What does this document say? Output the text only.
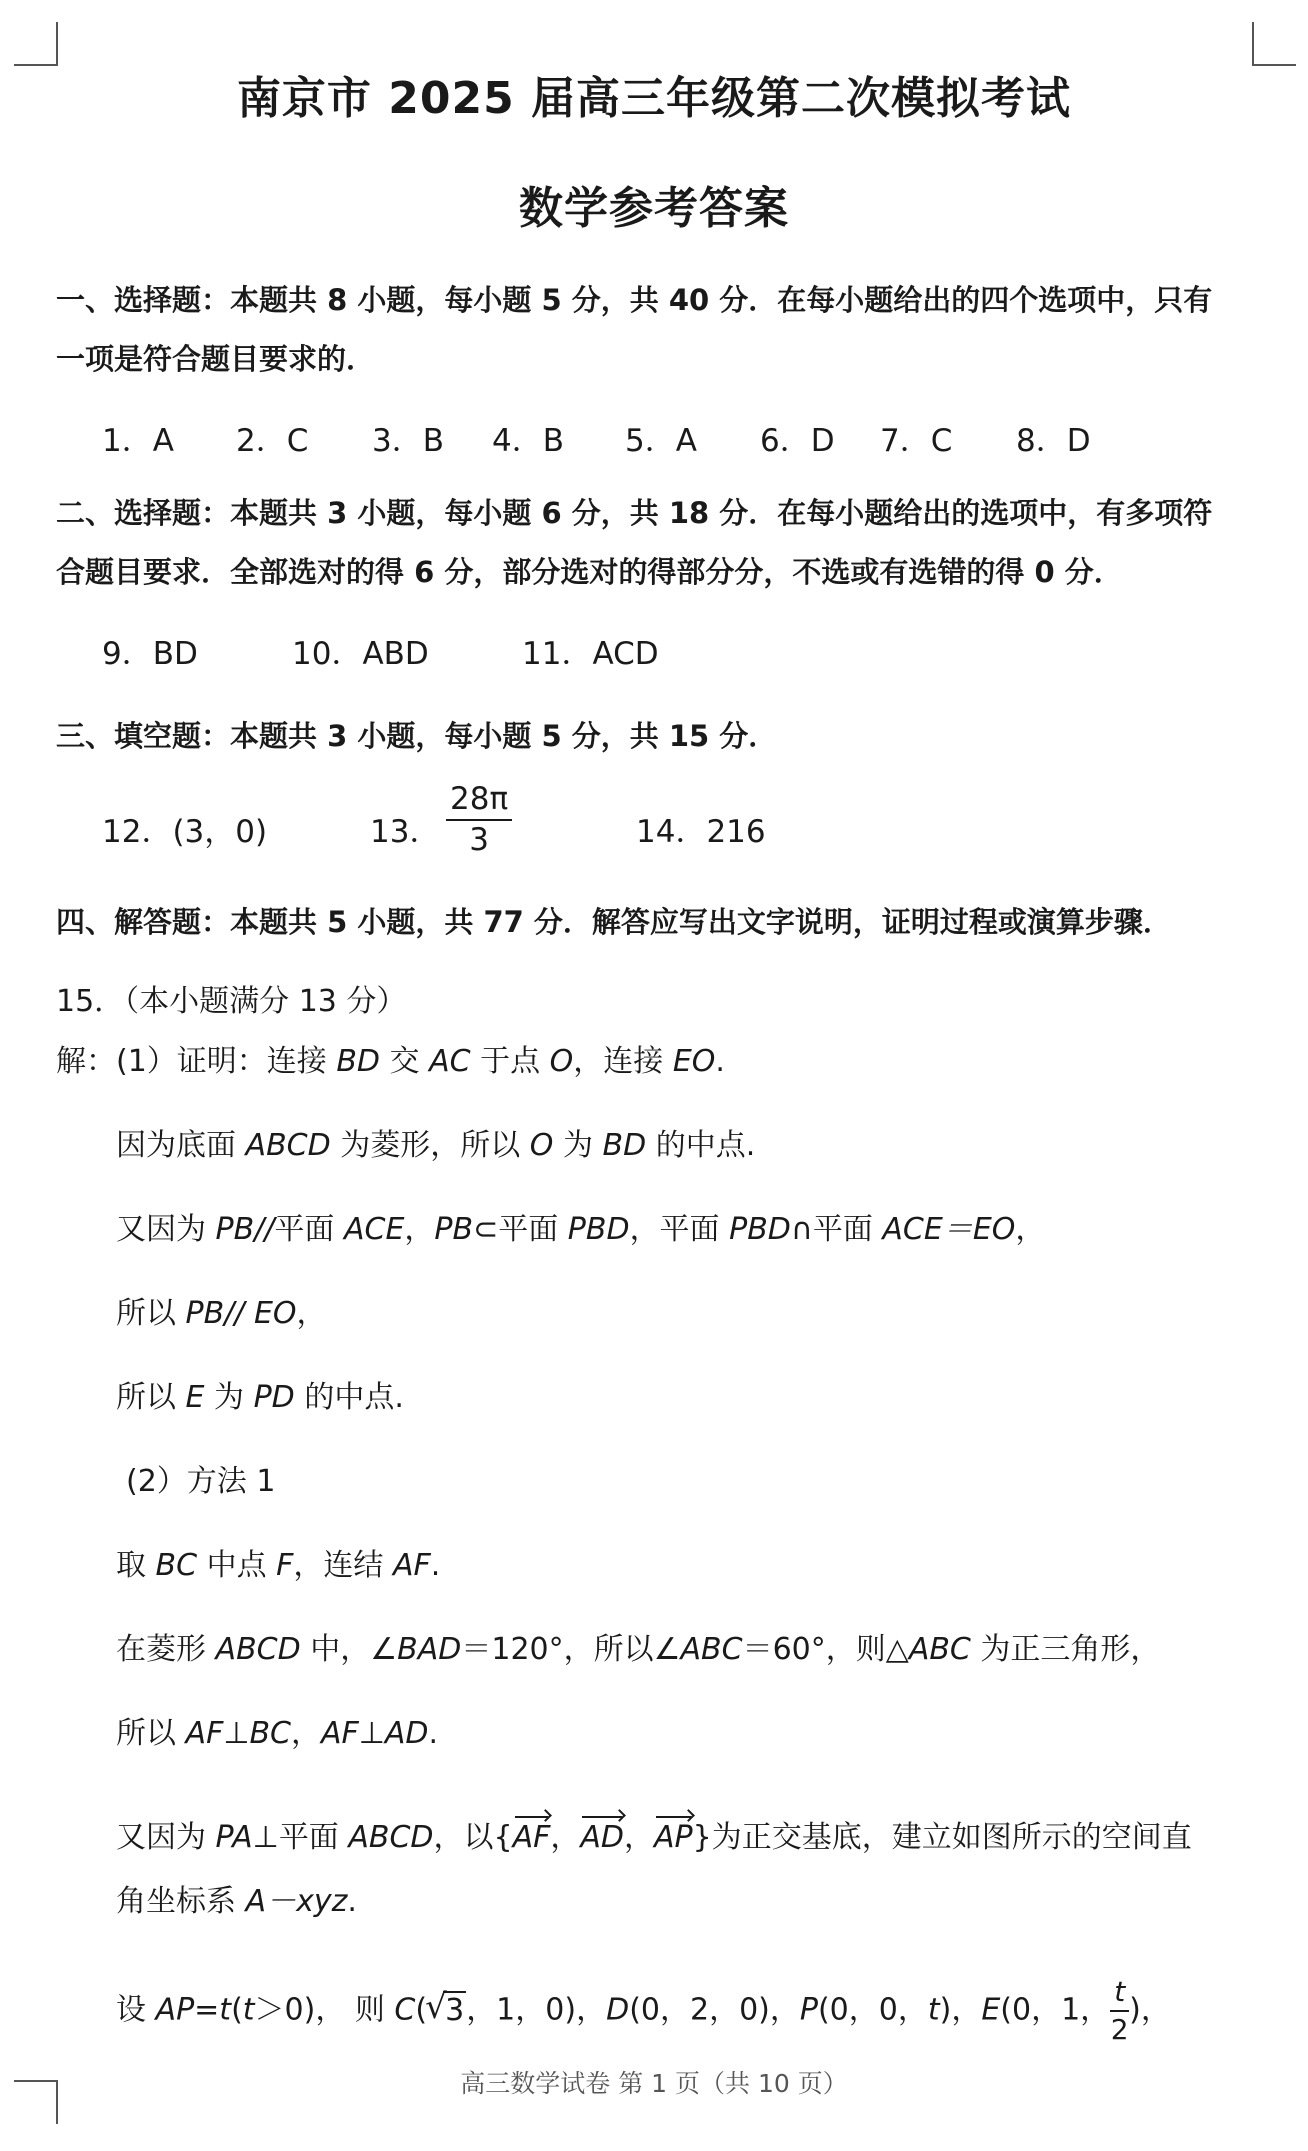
南京市 2025 届高三年级第二次模拟考试
数学参考答案
一、选择题：本题共 8 小题，每小题 5 分，共 40 分．在每小题给出的四个选项中，只有
一项是符合题目要求的．
1．A 2．C 3．B 4．B 5．A 6．D 7．C 8．D
二、选择题：本题共 3 小题，每小题 6 分，共 18 分．在每小题给出的选项中，有多项符
合题目要求．全部选对的得 6 分，部分选对的得部分分，不选或有选错的得 0 分．
9．BD	10．ABD	11．ACD
三、填空题：本题共 3 小题，每小题 5 分，共 15 分．
12．(3，0)	13． $\frac{28\pi}{3}$	14．216
四、解答题：本题共 5 小题，共 77 分．解答应写出文字说明，证明过程或演算步骤．
15．（本小题满分 13 分）
解：(1）证明：连接 BD 交 AC 于点 O，连接 EO.
因为底面 ABCD 为菱形，所以 O 为 BD 的中点.
又因为 PB//平面 ACE，PB⊂平面 PBD，平面 PBD∩平面 ACE＝EO，
所以 PB// EO，
所以 E 为 PD 的中点.
(2）方法 1
取 BC 中点 F，连结 AF.
在菱形 ABCD 中，∠BAD＝120°，所以∠ABC＝60°，则△ABC 为正三角形，
所以 AF⊥BC，AF⊥AD.
又因为 PA⊥平面 ABCD，以{AF，AD，AP}为正交基底，建立如图所示的空间直
角坐标系 A－xyz.
设 AP=t(t＞0)， 则 C(√ 3，1，0)，D(0，2，0)，P(0，0，t)，E(0，1， $\frac{t}{2}$ )，
高三数学试卷 第 1 页（共 10 页）
